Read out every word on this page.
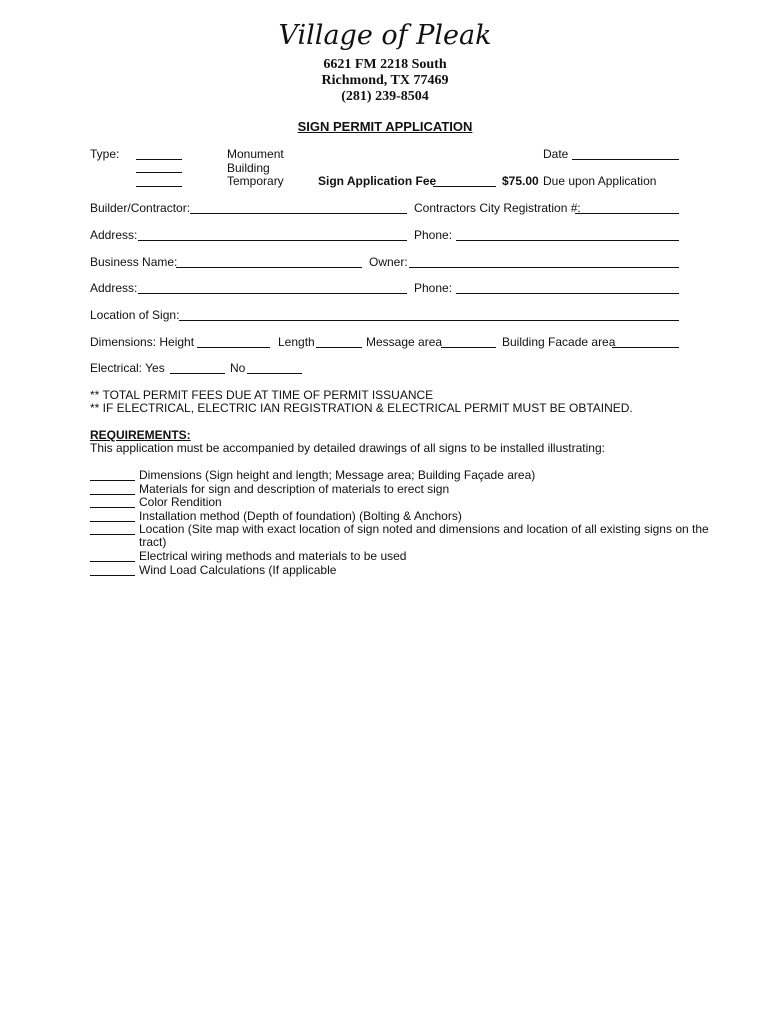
Village of Pleak
6621 FM 2218 South
Richmond, TX 77469
(281) 239-8504
SIGN PERMIT APPLICATION
Type:	Monument
Building
Temporary
Date
Sign Application Fee	$75.00 Due upon Application
Builder/Contractor:	Contractors City Registration #:
Address:	Phone:
Business Name:	Owner:
Address:	Phone:
Location of Sign:
Dimensions: Height	Length	Message area	Building Facade area
Electrical: Yes	No
** TOTAL PERMIT FEES DUE AT TIME OF PERMIT ISSUANCE
** IF ELECTRICAL, ELECTRIC IAN REGISTRATION & ELECTRICAL PERMIT MUST BE OBTAINED.
REQUIREMENTS:
This application must be accompanied by detailed drawings of all signs to be installed illustrating:
Dimensions (Sign height and length; Message area; Building Façade area)
Materials for sign and description of materials to erect sign
Color Rendition
Installation method (Depth of foundation) (Bolting & Anchors)
Location (Site map with exact location of sign noted and dimensions and location of all existing signs on the
tract)
Electrical wiring methods and materials to be used
Wind Load Calculations (If applicable
